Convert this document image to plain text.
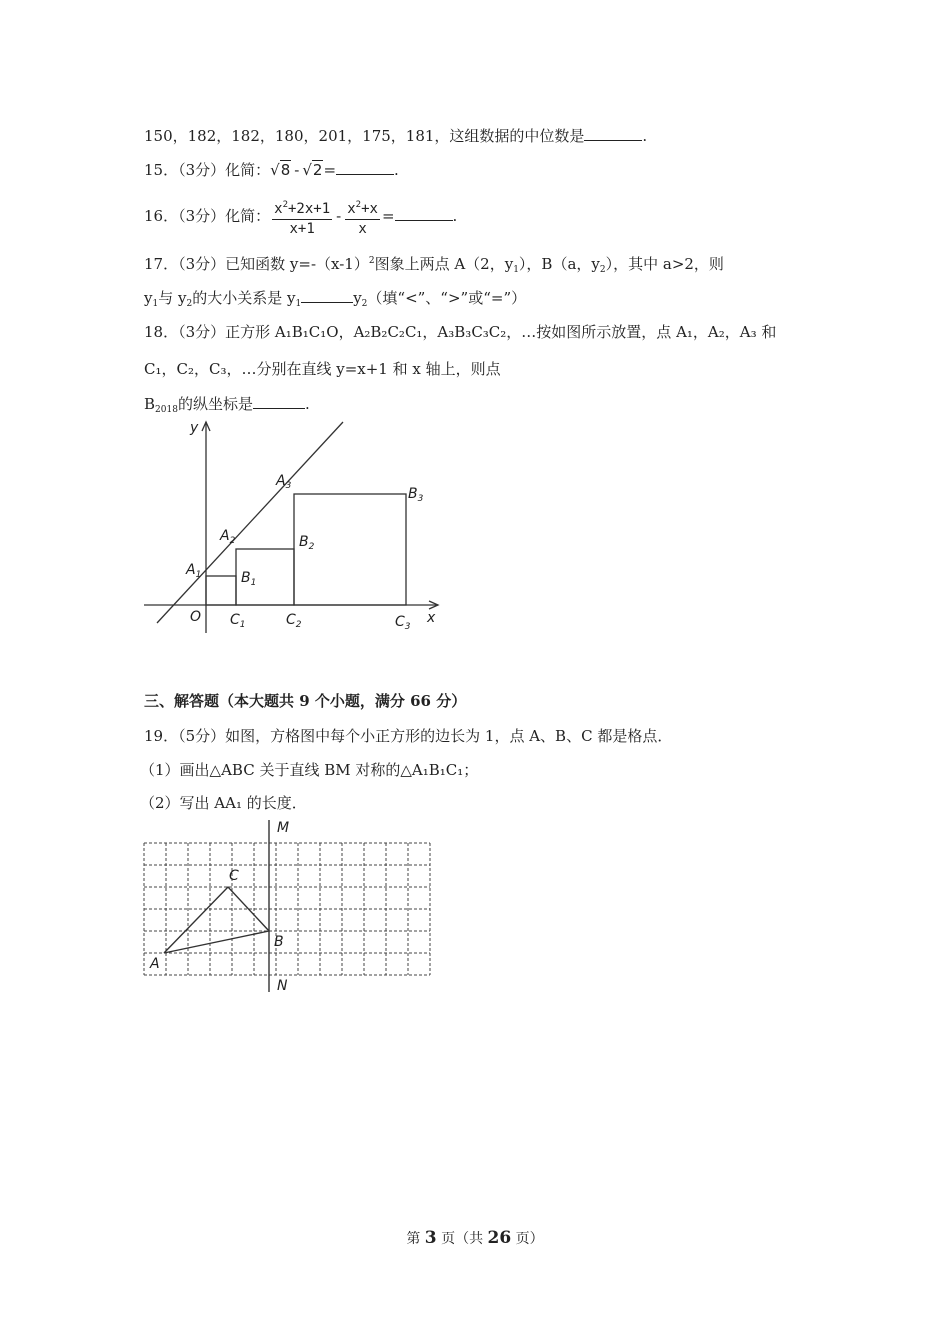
150，182，182，180，201，175，181，这组数据的中位数是	.
15．（3分）化简：√8 - √2=	.
16．（3分）化简： $\frac{x^2+2x+1}{x+1} - \frac{x^2+x}{x}$ =	.
17．（3分）已知函数 $y=-(x-1)^2$图象上两点 A（2，$y_1$），B（a，$y_2$），其中 a>2，则
$y_1$与 $y_2$的大小关系是 $y_1$	$y_2$（填“<”、“>”或“=”）
18．（3分）正方形 A₁B₁C₁O，A₂B₂C₂C₁，A₃B₃C₃C₂，…按如图所示放置，点 A₁，A₂，A₃ 和
C₁，C₂，C₃，…分别在直线 y=x+1 和 x 轴上，则点
$B_{2018}$的纵坐标是	.
y
x
O
$A_1$
$A_2$
$A_3$
$B_1$
$B_2$
$B_3$
$C_1$	$C_2$	$C_3$
三、解答题（本大题共 9 个小题，满分 66 分）
19．（5分）如图，方格图中每个小正方形的边长为 1，点 A、B、C 都是格点．
（1）画出△ABC 关于直线 BM 对称的△A₁B₁C₁；
（2）写出 AA₁ 的长度．
M
N
A
B
C
第 3 页（共 26 页）
